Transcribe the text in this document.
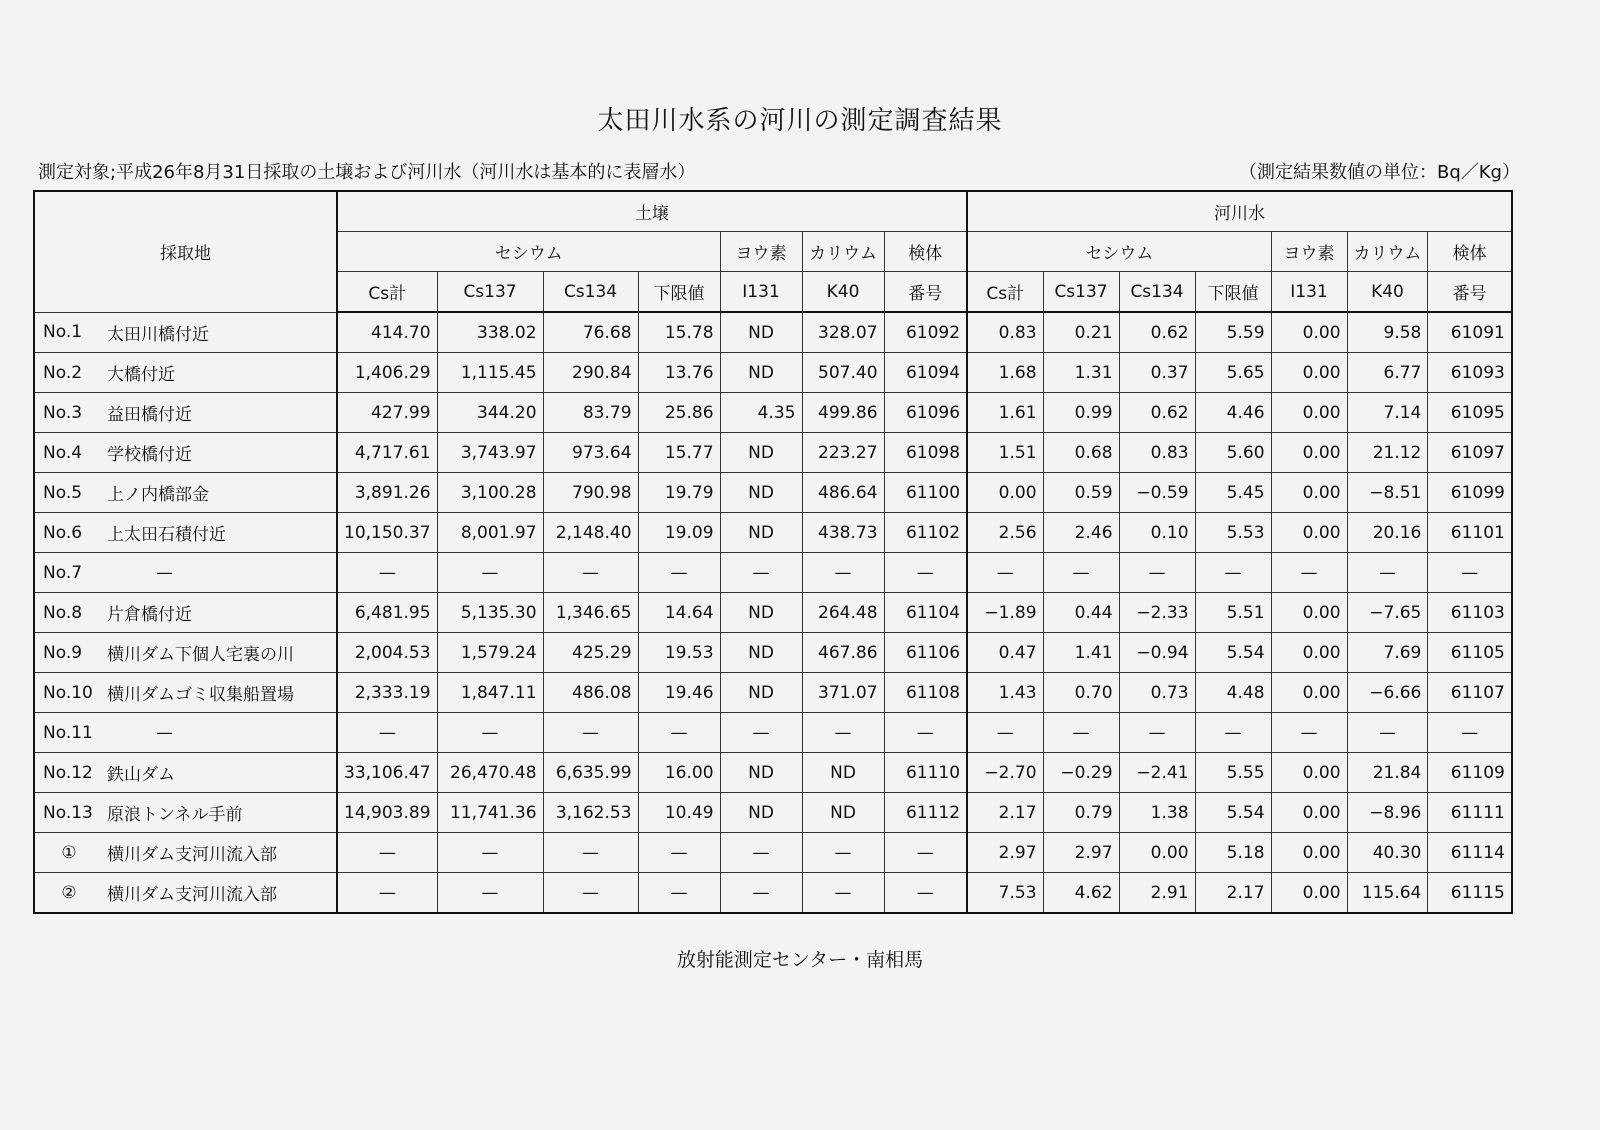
太田川水系の河川の測定調査結果
測定対象;平成26年8月31日採取の土壌および河川水（河川水は基本的に表層水）	（測定結果数値の単位：Bq／Kg）
採取地		土壌							河川水						
		セシウム				ヨウ素	カリウム	検体	セシウム				ヨウ素	カリウム	検体
		Cs計	Cs137	Cs134	下限値	I131	K40	番号	Cs計	Cs137	Cs134	下限値	I131	K40	番号
No.1	太田川橋付近	414.70	338.02	76.68	15.78	ND	328.07	61092	0.83	0.21	0.62	5.59	0.00	9.58	61091
No.2	大橋付近	1,406.29	1,115.45	290.84	13.76	ND	507.40	61094	1.68	1.31	0.37	5.65	0.00	6.77	61093
No.3	益田橋付近	427.99	344.20	83.79	25.86	4.35	499.86	61096	1.61	0.99	0.62	4.46	0.00	7.14	61095
No.4	学校橋付近	4,717.61	3,743.97	973.64	15.77	ND	223.27	61098	1.51	0.68	0.83	5.60	0.00	21.12	61097
No.5	上ノ内橋部金	3,891.26	3,100.28	790.98	19.79	ND	486.64	61100	0.00	0.59	−0.59	5.45	0.00	−8.51	61099
No.6	上太田石積付近	10,150.37	8,001.97	2,148.40	19.09	ND	438.73	61102	2.56	2.46	0.10	5.53	0.00	20.16	61101
No.7	—	—	—	—	—	—	—	—	—	—	—	—	—	—	—
No.8	片倉橋付近	6,481.95	5,135.30	1,346.65	14.64	ND	264.48	61104	−1.89	0.44	−2.33	5.51	0.00	−7.65	61103
No.9	横川ダム下個人宅裏の川	2,004.53	1,579.24	425.29	19.53	ND	467.86	61106	0.47	1.41	−0.94	5.54	0.00	7.69	61105
No.10	横川ダムゴミ収集船置場	2,333.19	1,847.11	486.08	19.46	ND	371.07	61108	1.43	0.70	0.73	4.48	0.00	−6.66	61107
No.11	—	—	—	—	—	—	—	—	—	—	—	—	—	—	—
No.12	鉄山ダム	33,106.47	26,470.48	6,635.99	16.00	ND	ND	61110	−2.70	−0.29	−2.41	5.55	0.00	21.84	61109
No.13	原浪トンネル手前	14,903.89	11,741.36	3,162.53	10.49	ND	ND	61112	2.17	0.79	1.38	5.54	0.00	−8.96	61111
①	横川ダム支河川流入部	—	—	—	—	—	—	—	2.97	2.97	0.00	5.18	0.00	40.30	61114
②	横川ダム支河川流入部	—	—	—	—	—	—	—	7.53	4.62	2.91	2.17	0.00	115.64	61115
放射能測定センター・南相馬
